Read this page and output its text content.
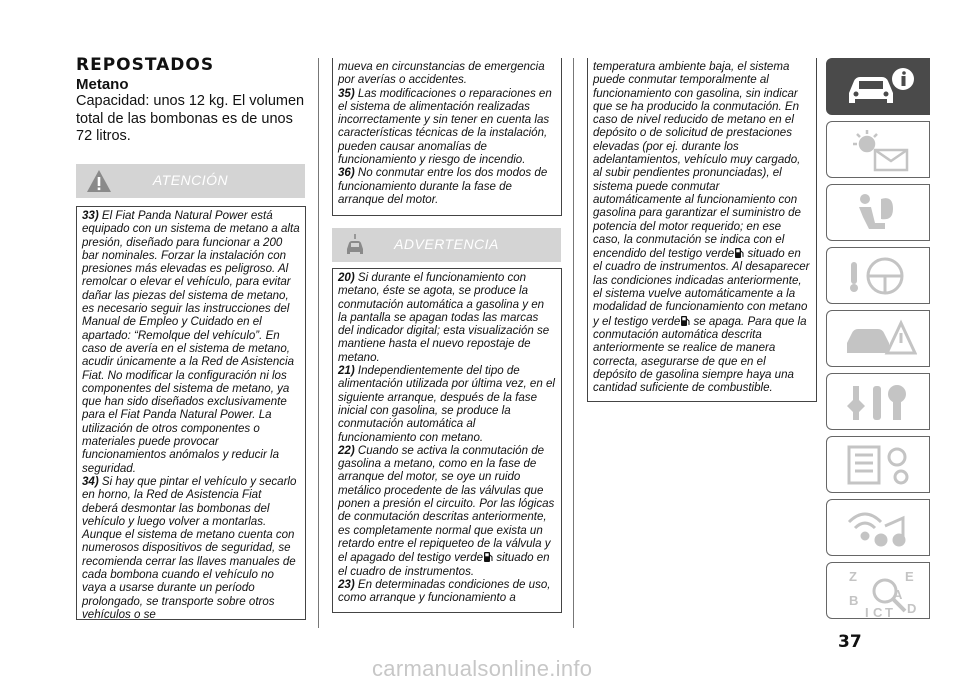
REPOSTADOS
Metano

Capacidad: unos 12 kg. El volumen total de las bombonas es de unos 72 litros.

ATENCIÓN

33) El Fiat Panda Natural Power está equipado con un sistema de metano a alta presión, diseñado para funcionar a 200 bar nominales. Forzar la instalación con presiones más elevadas es peligroso. Al remolcar o elevar el vehículo, para evitar dañar las piezas del sistema de metano, es necesario seguir las instrucciones del Manual de Empleo y Cuidado en el apartado: “Remolque del vehículo”. En caso de avería en el sistema de metano, acudir únicamente a la Red de Asistencia Fiat. No modificar la configuración ni los componentes del sistema de metano, ya que han sido diseñados exclusivamente para el Fiat Panda Natural Power. La utilización de otros componentes o materiales puede provocar funcionamientos anómalos y reducir la seguridad.

34) Si hay que pintar el vehículo y secarlo en horno, la Red de Asistencia Fiat deberá desmontar las bombonas del vehículo y luego volver a montarlas. Aunque el sistema de metano cuenta con numerosos dispositivos de seguridad, se recomienda cerrar las llaves manuales de cada bombona cuando el vehículo no vaya a usarse durante un período prolongado, se transporte sobre otros vehículos o se

mueva en circunstancias de emergencia por averías o accidentes.

35) Las modificaciones o reparaciones en el sistema de alimentación realizadas incorrectamente y sin tener en cuenta las características técnicas de la instalación, pueden causar anomalías de funcionamiento y riesgo de incendio.

36) No conmutar entre los dos modos de funcionamiento durante la fase de arranque del motor.

ADVERTENCIA

20) Si durante el funcionamiento con metano, éste se agota, se produce la conmutación automática a gasolina y en la pantalla se apagan todas las marcas del indicador digital; esta visualización se mantiene hasta el nuevo repostaje de metano.

21) Independientemente del tipo de alimentación utilizada por última vez, en el siguiente arranque, después de la fase inicial con gasolina, se produce la conmutación automática al funcionamiento con metano.

22) Cuando se activa la conmutación de gasolina a metano, como en la fase de arranque del motor, se oye un ruido metálico procedente de las válvulas que ponen a presión el circuito. Por las lógicas de conmutación descritas anteriormente, es completamente normal que exista un retardo entre el repiqueteo de la válvula y el apagado del testigo verde situado en el cuadro de instrumentos.

23) En determinadas condiciones de uso, como arranque y funcionamiento a

temperatura ambiente baja, el sistema puede conmutar temporalmente al funcionamiento con gasolina, sin indicar que se ha producido la conmutación. En caso de nivel reducido de metano en el depósito o de solicitud de prestaciones elevadas (por ej. durante los adelantamientos, vehículo muy cargado, al subir pendientes pronunciadas), el sistema puede conmutar automáticamente al funcionamiento con gasolina para garantizar el suministro de potencia del motor requerido; en ese caso, la conmutación se indica con el encendido del testigo verde situado en el cuadro de instrumentos. Al desaparecer las condiciones indicadas anteriormente, el sistema vuelve automáticamente a la modalidad de funcionamiento con metano y el testigo verde se apaga. Para que la conmutación automática descrita anteriormente se realice de manera correcta, asegurarse de que en el depósito de gasolina siempre haya una cantidad suficiente de combustible.

Z	E
B	A
I C T D
37
carmanualsonline.info
